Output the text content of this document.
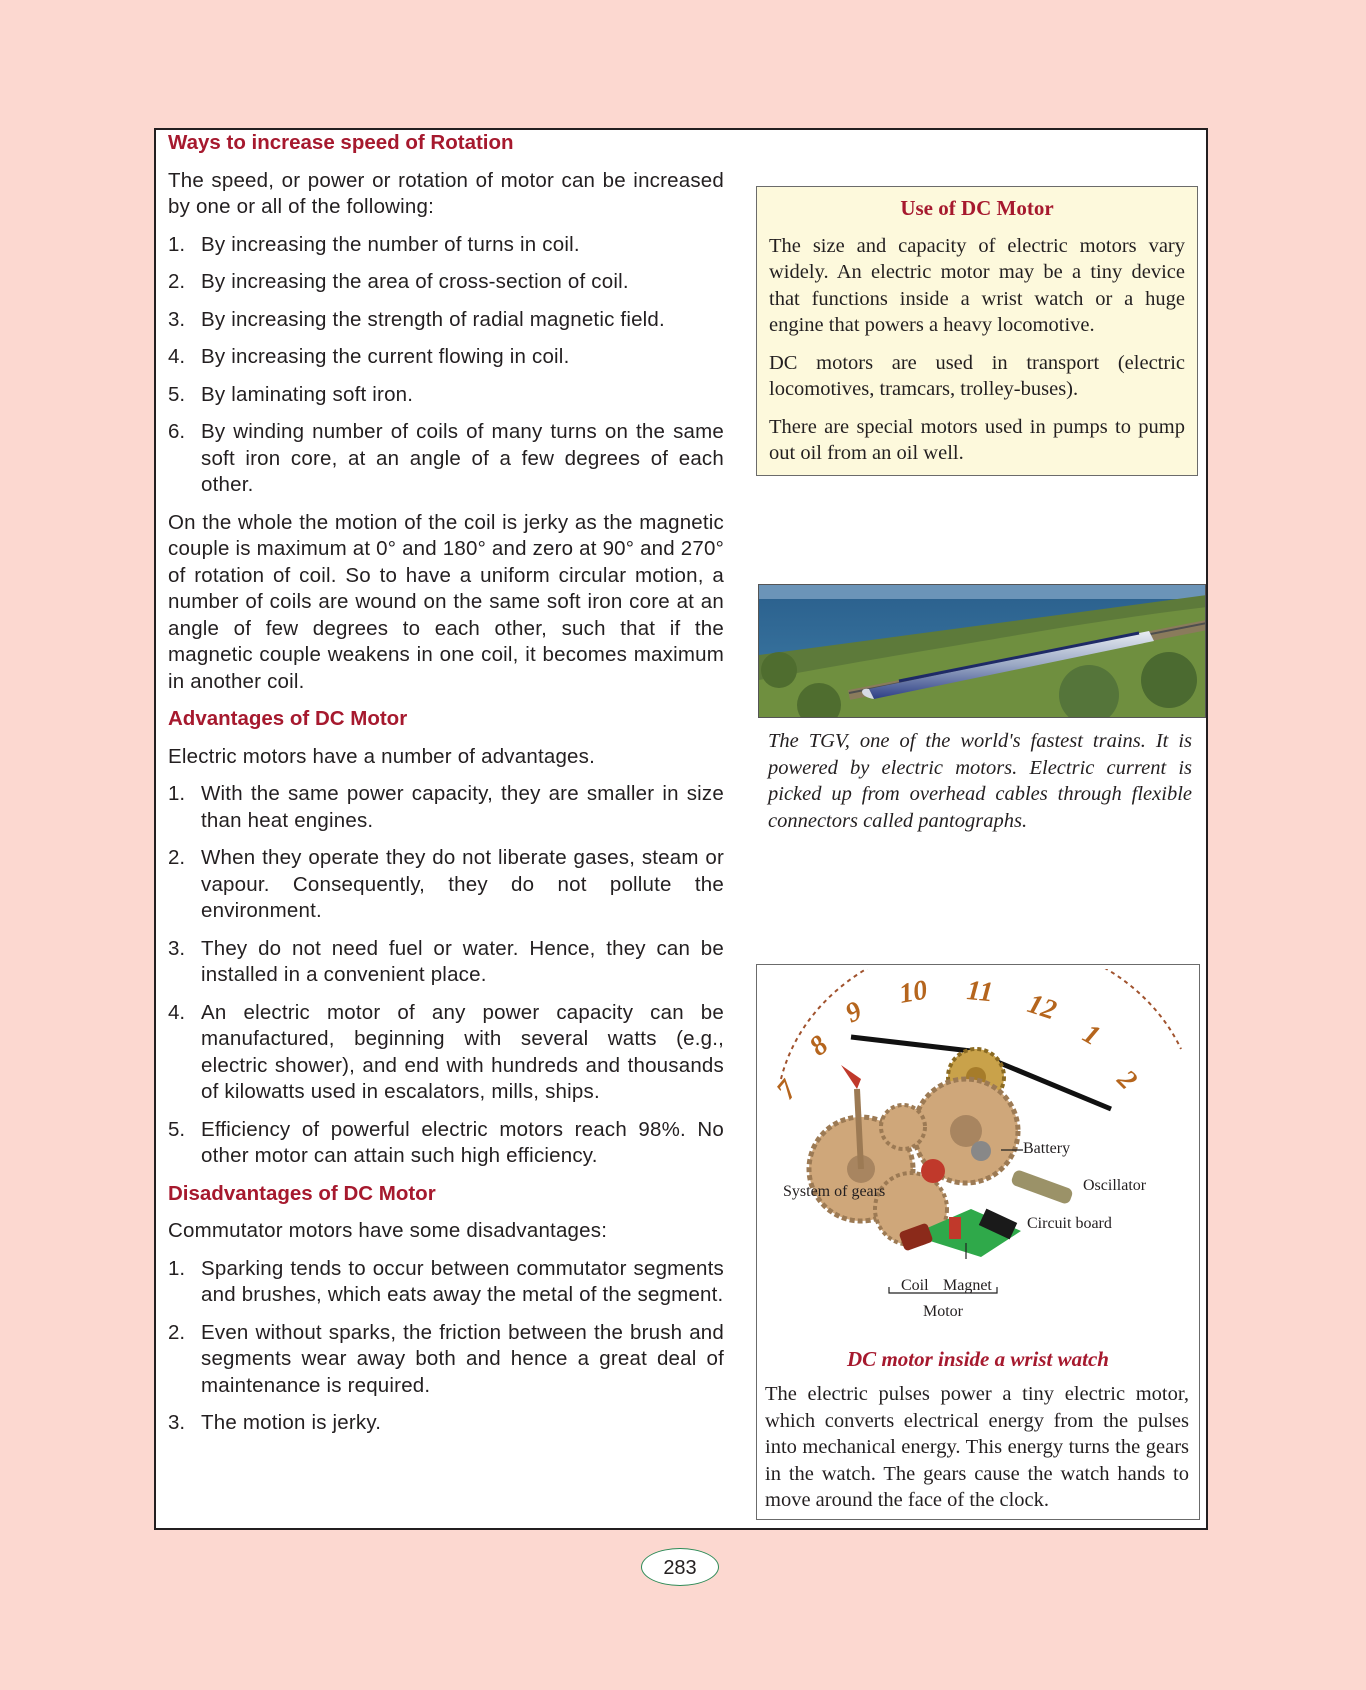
Ways to increase speed of Rotation

The speed, or power or rotation of motor can be increased by one or all of the following:

1. By increasing the number of turns in coil.
2. By increasing the area of cross-section of coil.
3. By increasing the strength of radial magnetic field.
4. By increasing the current flowing in coil.
5. By laminating soft iron.
6. By winding number of coils of many turns on the same soft iron core, at an angle of a few degrees of each other.

On the whole the motion of the coil is jerky as the magnetic couple is maximum at 0° and 180° and zero at 90° and 270° of rotation of coil. So to have a uniform circular motion, a number of coils are wound on the same soft iron core at an angle of few degrees to each other, such that if the magnetic couple weakens in one coil, it becomes maximum in another coil.

Advantages of DC Motor

Electric motors have a number of advantages.

1. With the same power capacity, they are smaller in size than heat engines.
2. When they operate they do not liberate gases, steam or vapour. Consequently, they do not pollute the environment.
3. They do not need fuel or water. Hence, they can be installed in a convenient place.
4. An electric motor of any power capacity can be manufactured, beginning with several watts (e.g., electric shower), and end with hundreds and thousands of kilowatts used in escalators, mills, ships.
5. Efficiency of powerful electric motors reach 98%. No other motor can attain such high efficiency.
Disadvantages of DC Motor

Commutator motors have some disadvantages:

1. Sparking tends to occur between commutator segments and brushes, which eats away the metal of the segment.
2. Even without sparks, the friction between the brush and segments wear away both and hence a great deal of maintenance is required.
3. The motion is jerky.
Use of DC Motor

The size and capacity of electric motors vary widely. An electric motor may be a tiny device that functions inside a wrist watch or a huge engine that powers a heavy locomotive.

DC motors are used in transport (electric locomotives, tramcars, trolley-buses).

There are special motors used in pumps to pump out oil from an oil well.

The TGV, one of the world's fastest trains. It is powered by electric motors. Electric current is picked up from overhead cables through flexible connectors called pantographs.
7
8
9
10 11 12
1
2
Battery
Oscillator
System of gears
Circuit board
Coil Magnet
Motor
DC motor inside a wrist watch
The electric pulses power a tiny electric motor, which converts electrical energy from the pulses into mechanical energy. This energy turns the gears in the watch. The gears cause the watch hands to move around the face of the clock.
283
